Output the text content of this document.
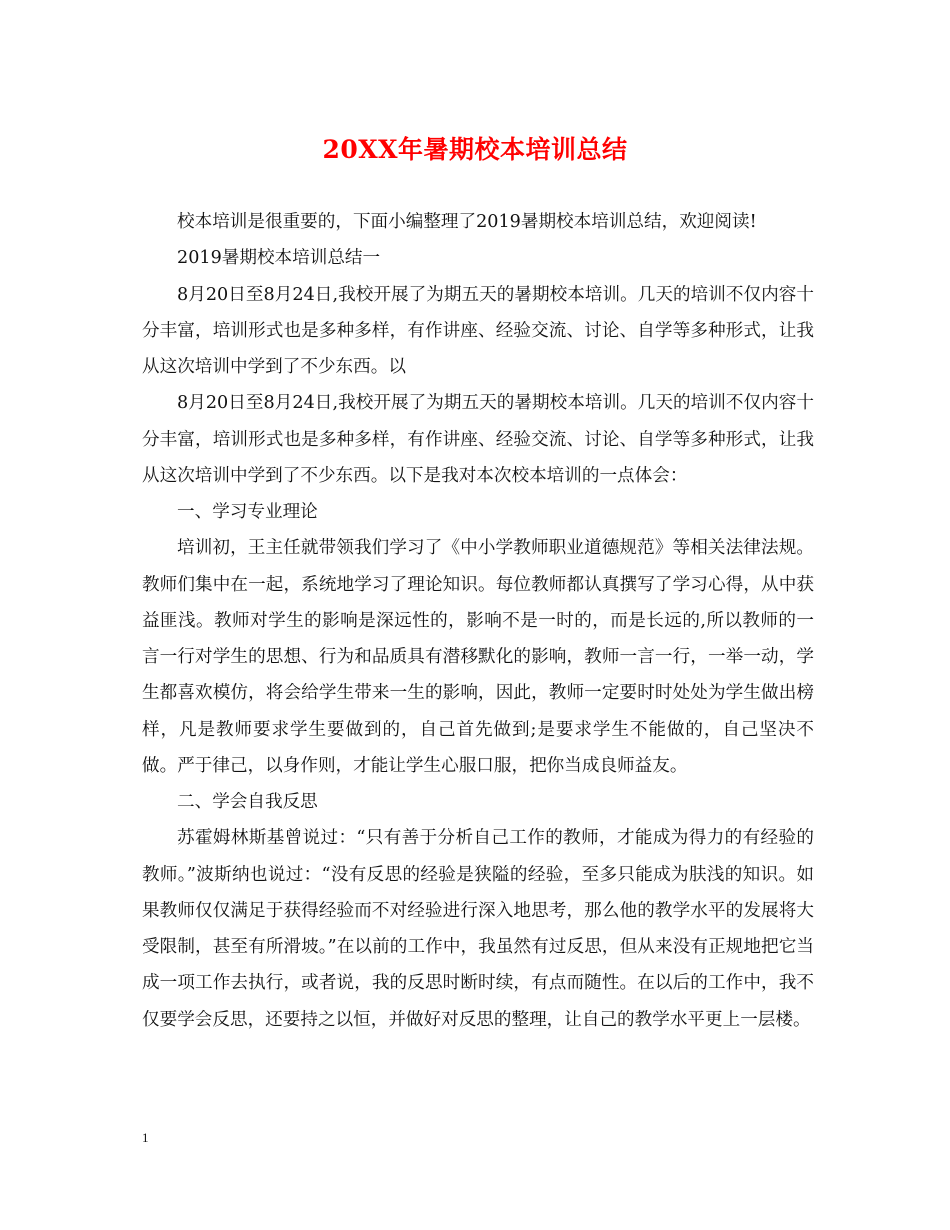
20XX年暑期校本培训总结

校本培训是很重要的，下面小编整理了2019暑期校本培训总结，欢迎阅读!

2019暑期校本培训总结一

8月20日至8月24日,我校开展了为期五天的暑期校本培训。几天的培训不仅内容十分丰富，培训形式也是多种多样，有作讲座、经验交流、讨论、自学等多种形式，让我从这次培训中学到了不少东西。以

8月20日至8月24日,我校开展了为期五天的暑期校本培训。几天的培训不仅内容十分丰富，培训形式也是多种多样，有作讲座、经验交流、讨论、自学等多种形式，让我从这次培训中学到了不少东西。以下是我对本次校本培训的一点体会：

一、学习专业理论

培训初，王主任就带领我们学习了《中小学教师职业道德规范》等相关法律法规。教师们集中在一起，系统地学习了理论知识。每位教师都认真撰写了学习心得，从中获益匪浅。教师对学生的影响是深远性的，影响不是一时的，而是长远的,所以教师的一言一行对学生的思想、行为和品质具有潜移默化的影响，教师一言一行，一举一动，学生都喜欢模仿，将会给学生带来一生的影响，因此，教师一定要时时处处为学生做出榜样，凡是教师要求学生要做到的，自己首先做到;是要求学生不能做的，自己坚决不做。严于律己，以身作则，才能让学生心服口服，把你当成良师益友。

二、学会自我反思

苏霍姆林斯基曾说过：“只有善于分析自己工作的教师，才能成为得力的有经验的教师。”波斯纳也说过：“没有反思的经验是狭隘的经验，至多只能成为肤浅的知识。如果教师仅仅满足于获得经验而不对经验进行深入地思考，那么他的教学水平的发展将大受限制，甚至有所滑坡。”在以前的工作中，我虽然有过反思，但从来没有正规地把它当成一项工作去执行，或者说，我的反思时断时续，有点而随性。在以后的工作中，我不仅要学会反思，还要持之以恒，并做好对反思的整理，让自己的教学水平更上一层楼。

1
